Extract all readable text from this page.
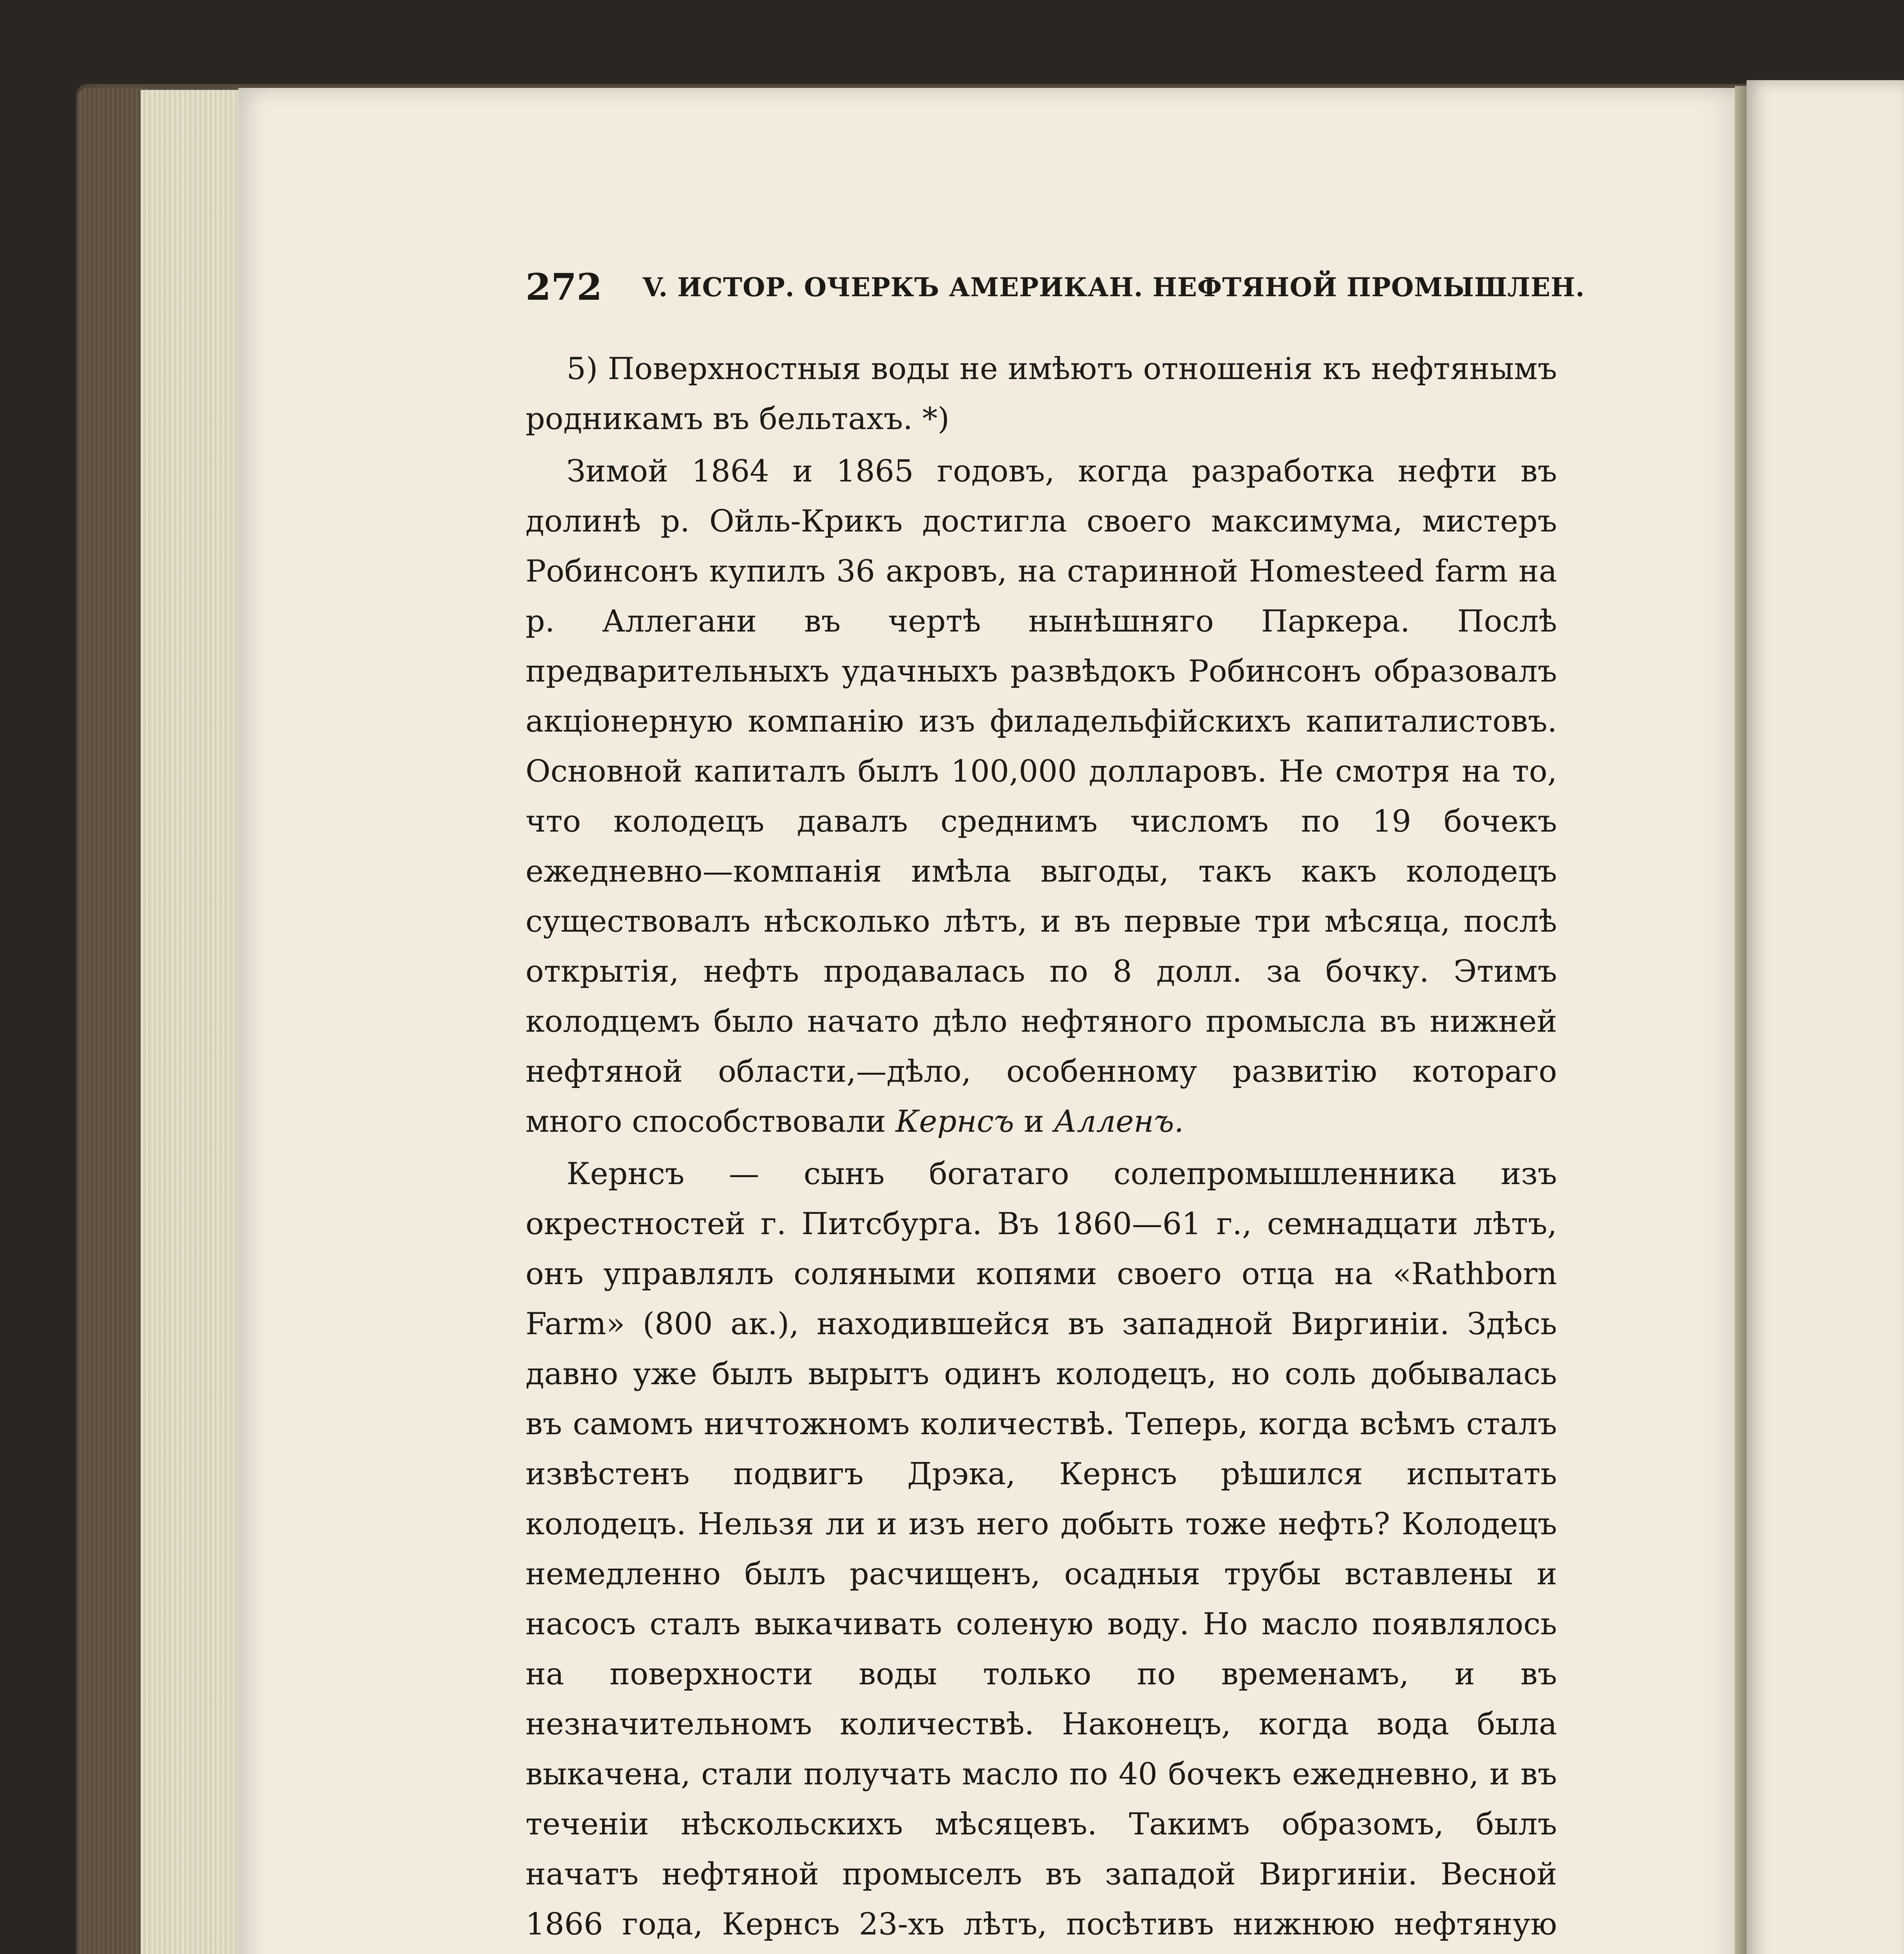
272 V. ИСТОР. ОЧЕРКЪ АМЕРИКАН. НЕФТЯНОЙ ПРОМЫШЛЕН.

5) Поверхностныя воды не имѣютъ отношенія къ нефтянымъ родникамъ въ бельтахъ. *)

Зимой 1864 и 1865 годовъ, когда разработка нефти въ долинѣ р. Ойль-Крикъ достигла своего максимума, мистеръ Робинсонъ купилъ 36 акровъ, на старинной Homestеed farm на р. Аллегани въ чертѣ нынѣшняго Паркера. Послѣ предварительныхъ удачныхъ развѣдокъ Робинсонъ образовалъ акціонерную компанію изъ филадельфійскихъ капиталистовъ. Основной капиталъ былъ 100,000 долларовъ. Не смотря на то, что колодецъ давалъ среднимъ числомъ по 19 бочекъ ежедневно—компанія имѣла выгоды, такъ какъ колодецъ существовалъ нѣсколько лѣтъ, и въ первые три мѣсяца, послѣ открытія, нефть продавалась по 8 долл. за бочку. Этимъ колодцемъ было начато дѣло нефтяного промысла въ нижней нефтяной области,—дѣло, особенному развитію котораго много способствовали Кернсъ и Алленъ.

Кернсъ — сынъ богатаго солепромышленника изъ окрестностей г. Питсбурга. Въ 1860—61 г., семнадцати лѣтъ, онъ управлялъ соляными копями своего отца на «Rathborn Farm» (800 ак.), находившейся въ западной Виргиніи. Здѣсь давно уже былъ вырытъ одинъ колодецъ, но соль добывалась въ самомъ ничтожномъ количествѣ. Теперь, когда всѣмъ сталъ извѣстенъ подвигъ Дрэка, Кернсъ рѣшился испытать колодецъ. Нельзя ли и изъ него добыть тоже нефть? Колодецъ немедленно былъ расчищенъ, осадныя трубы вставлены и насосъ сталъ выкачивать соленую воду. Но масло появлялось на поверхности воды только по временамъ, и въ незначительномъ количествѣ. Наконецъ, когда вода была выкачена, стали получать масло по 40 бочекъ ежедневно, и въ теченіи нѣскольскихъ мѣсяцевъ. Такимъ образомъ, былъ начатъ нефтяной промыселъ въ западой Виргиніи. Весной 1866 года, Кернсъ 23-хъ лѣтъ, посѣтивъ нижнюю нефтяную
